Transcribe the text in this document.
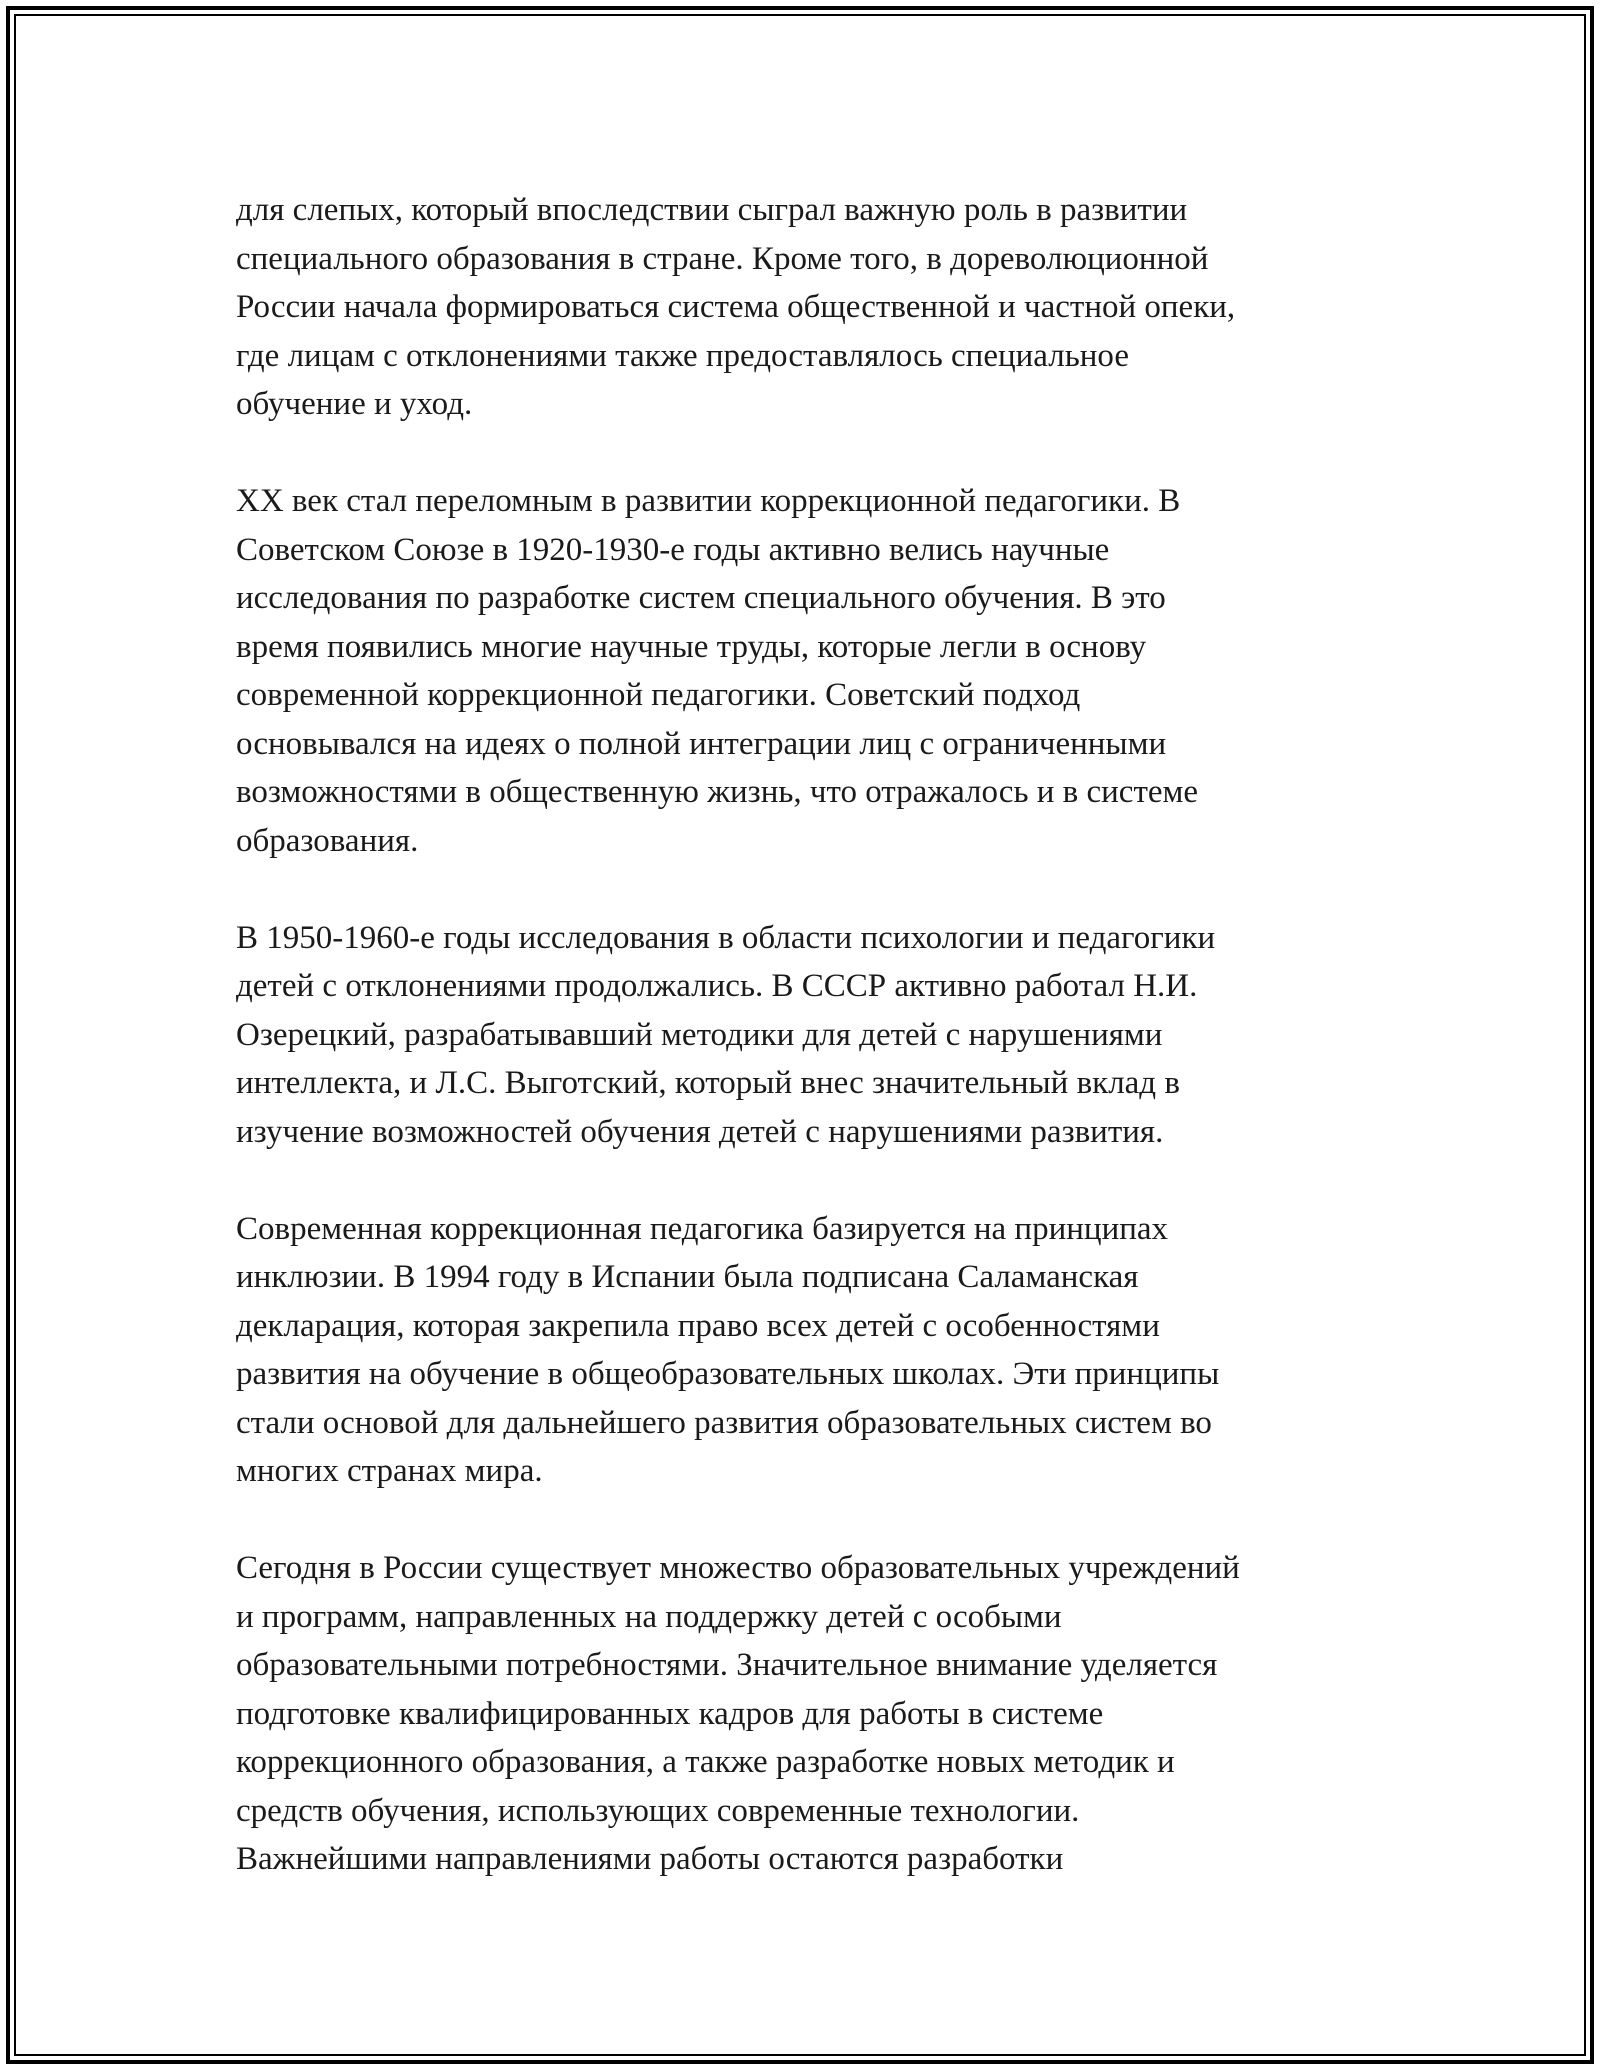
для слепых, который впоследствии сыграл важную роль в развитии
специального образования в стране. Кроме того, в дореволюционной
России начала формироваться система общественной и частной опеки,
где лицам с отклонениями также предоставлялось специальное
обучение и уход.

XX век стал переломным в развитии коррекционной педагогики. В
Советском Союзе в 1920-1930-е годы активно велись научные
исследования по разработке систем специального обучения. В это
время появились многие научные труды, которые легли в основу
современной коррекционной педагогики. Советский подход
основывался на идеях о полной интеграции лиц с ограниченными
возможностями в общественную жизнь, что отражалось и в системе
образования.

В 1950-1960-е годы исследования в области психологии и педагогики
детей с отклонениями продолжались. В СССР активно работал Н.И.
Озерецкий, разрабатывавший методики для детей с нарушениями
интеллекта, и Л.С. Выготский, который внес значительный вклад в
изучение возможностей обучения детей с нарушениями развития.

Современная коррекционная педагогика базируется на принципах
инклюзии. В 1994 году в Испании была подписана Саламанская
декларация, которая закрепила право всех детей с особенностями
развития на обучение в общеобразовательных школах. Эти принципы
стали основой для дальнейшего развития образовательных систем во
многих странах мира.

Сегодня в России существует множество образовательных учреждений
и программ, направленных на поддержку детей с особыми
образовательными потребностями. Значительное внимание уделяется
подготовке квалифицированных кадров для работы в системе
коррекционного образования, а также разработке новых методик и
средств обучения, использующих современные технологии.
Важнейшими направлениями работы остаются разработки
